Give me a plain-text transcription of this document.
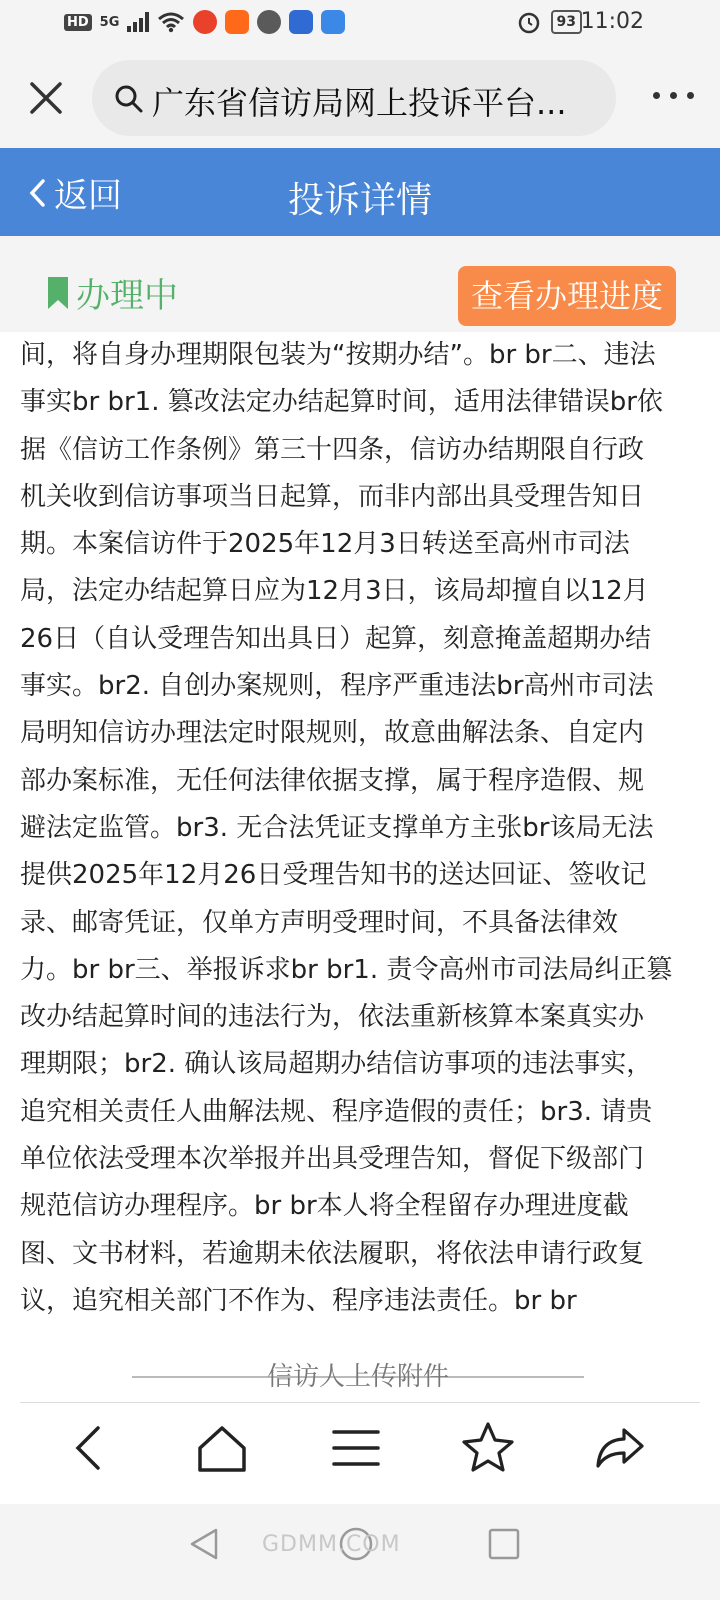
HD 5G	93 11:02
广东省信访局网上投诉平台...
投诉详情
返回
办理中	查看办理进度
间，将自身办理期限包装为“按期办结”。br br二、违法
事实br br1. 篡改法定办结起算时间，适用法律错误br依
据《信访工作条例》第三十四条，信访办结期限自行政
机关收到信访事项当日起算，而非内部出具受理告知日
期。本案信访件于2025年12月3日转送至高州市司法
局，法定办结起算日应为12月3日，该局却擅自以12月
26日（自认受理告知出具日）起算，刻意掩盖超期办结
事实。br2. 自创办案规则，程序严重违法br高州市司法
局明知信访办理法定时限规则，故意曲解法条、自定内
部办案标准，无任何法律依据支撑，属于程序造假、规
避法定监管。br3. 无合法凭证支撑单方主张br该局无法
提供2025年12月26日受理告知书的送达回证、签收记
录、邮寄凭证，仅单方声明受理时间，不具备法律效
力。br br三、举报诉求br br1. 责令高州市司法局纠正篡
改办结起算时间的违法行为，依法重新核算本案真实办
理期限；br2. 确认该局超期办结信访事项的违法事实，
追究相关责任人曲解法规、程序造假的责任；br3. 请贵
单位依法受理本次举报并出具受理告知，督促下级部门
规范信访办理程序。br br本人将全程留存办理进度截
图、文书材料，若逾期未依法履职，将依法申请行政复
议，追究相关部门不作为、程序违法责任。br br
信访人上传附件
GDMM.COM
